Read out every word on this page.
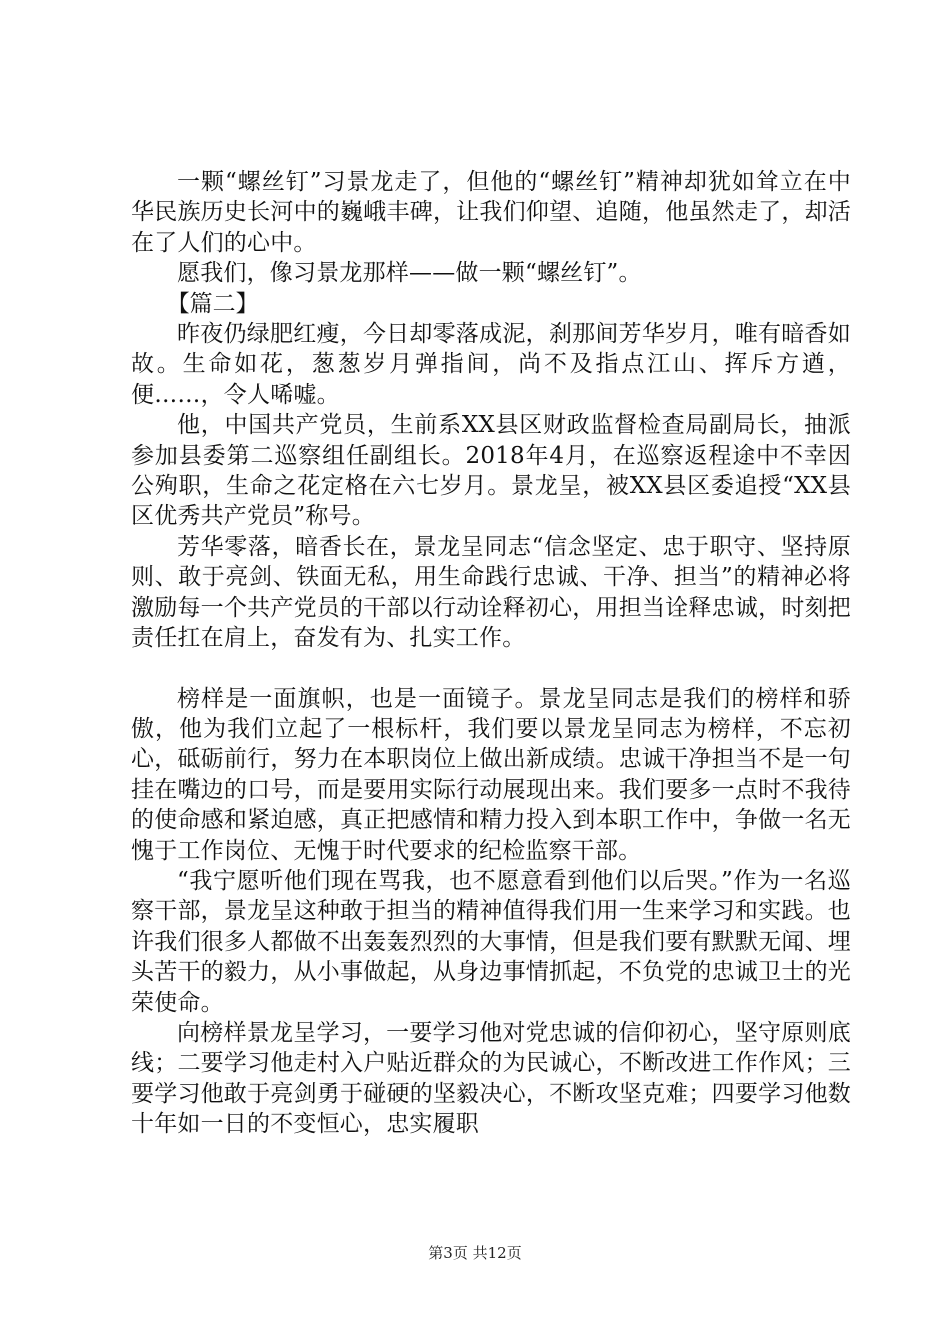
一颗“螺丝钉”习景龙走了，但他的“螺丝钉”精神却犹如耸立在中华民族历史长河中的巍峨丰碑，让我们仰望、追随，他虽然走了，却活在了人们的心中。

愿我们，像习景龙那样——做一颗“螺丝钉”。

【篇二】

昨夜仍绿肥红瘦，今日却零落成泥，刹那间芳华岁月，唯有暗香如故。生命如花，葱葱岁月弹指间，尚不及指点江山、挥斥方遒，便……，令人唏嘘。

他，中国共产党员，生前系XX县区财政监督检查局副局长，抽派参加县委第二巡察组任副组长。2018年4月，在巡察返程途中不幸因公殉职，生命之花定格在六七岁月。景龙呈，被XX县区委追授“XX县区优秀共产党员”称号。

芳华零落，暗香长在，景龙呈同志“信念坚定、忠于职守、坚持原则、敢于亮剑、铁面无私，用生命践行忠诚、干净、担当”的精神必将激励每一个共产党员的干部以行动诠释初心，用担当诠释忠诚，时刻把责任扛在肩上，奋发有为、扎实工作。

榜样是一面旗帜，也是一面镜子。景龙呈同志是我们的榜样和骄傲，他为我们立起了一根标杆，我们要以景龙呈同志为榜样，不忘初心，砥砺前行，努力在本职岗位上做出新成绩。忠诚干净担当不是一句挂在嘴边的口号，而是要用实际行动展现出来。我们要多一点时不我待的使命感和紧迫感，真正把感情和精力投入到本职工作中，争做一名无愧于工作岗位、无愧于时代要求的纪检监察干部。

“我宁愿听他们现在骂我，也不愿意看到他们以后哭。”作为一名巡察干部，景龙呈这种敢于担当的精神值得我们用一生来学习和实践。也许我们很多人都做不出轰轰烈烈的大事情，但是我们要有默默无闻、埋头苦干的毅力，从小事做起，从身边事情抓起，不负党的忠诚卫士的光荣使命。

向榜样景龙呈学习，一要学习他对党忠诚的信仰初心，坚守原则底线；二要学习他走村入户贴近群众的为民诚心，不断改进工作作风；三要学习他敢于亮剑勇于碰硬的坚毅决心，不断攻坚克难；四要学习他数十年如一日的不变恒心，忠实履职

第3页 共12页
